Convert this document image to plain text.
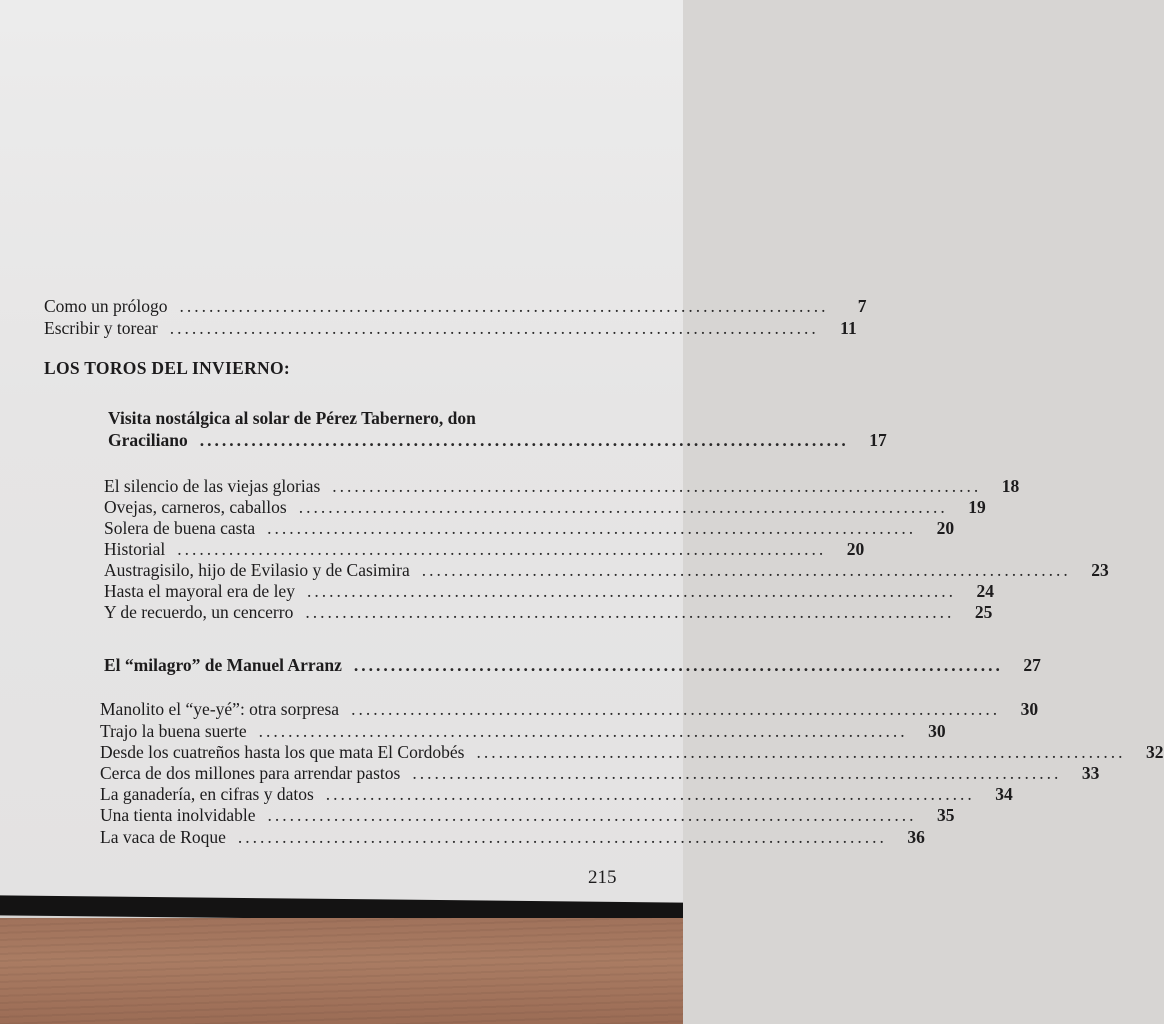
Como un prólogo ........................................................................................	7
Escribir y torear ........................................................................................	11
LOS TOROS DEL INVIERNO:
Visita nostálgica al solar de Pérez Tabernero, don
Graciliano ........................................................................................	17
El silencio de las viejas glorias ........................................................................................	18
Ovejas, carneros, caballos ........................................................................................	19
Solera de buena casta ........................................................................................	20
Historial ........................................................................................	20
Austragisilo, hijo de Evilasio y de Casimira ........................................................................................	23
Hasta el mayoral era de ley ........................................................................................	24
Y de recuerdo, un cencerro ........................................................................................	25
El “milagro” de Manuel Arranz ........................................................................................	27
Manolito el “ye-yé”: otra sorpresa ........................................................................................	30
Trajo la buena suerte ........................................................................................	30
Desde los cuatreños hasta los que mata El Cordobés ........................................................................................	32
Cerca de dos millones para arrendar pastos ........................................................................................	33
La ganadería, en cifras y datos ........................................................................................	34
Una tienta inolvidable ........................................................................................	35
La vaca de Roque ........................................................................................	36
215
